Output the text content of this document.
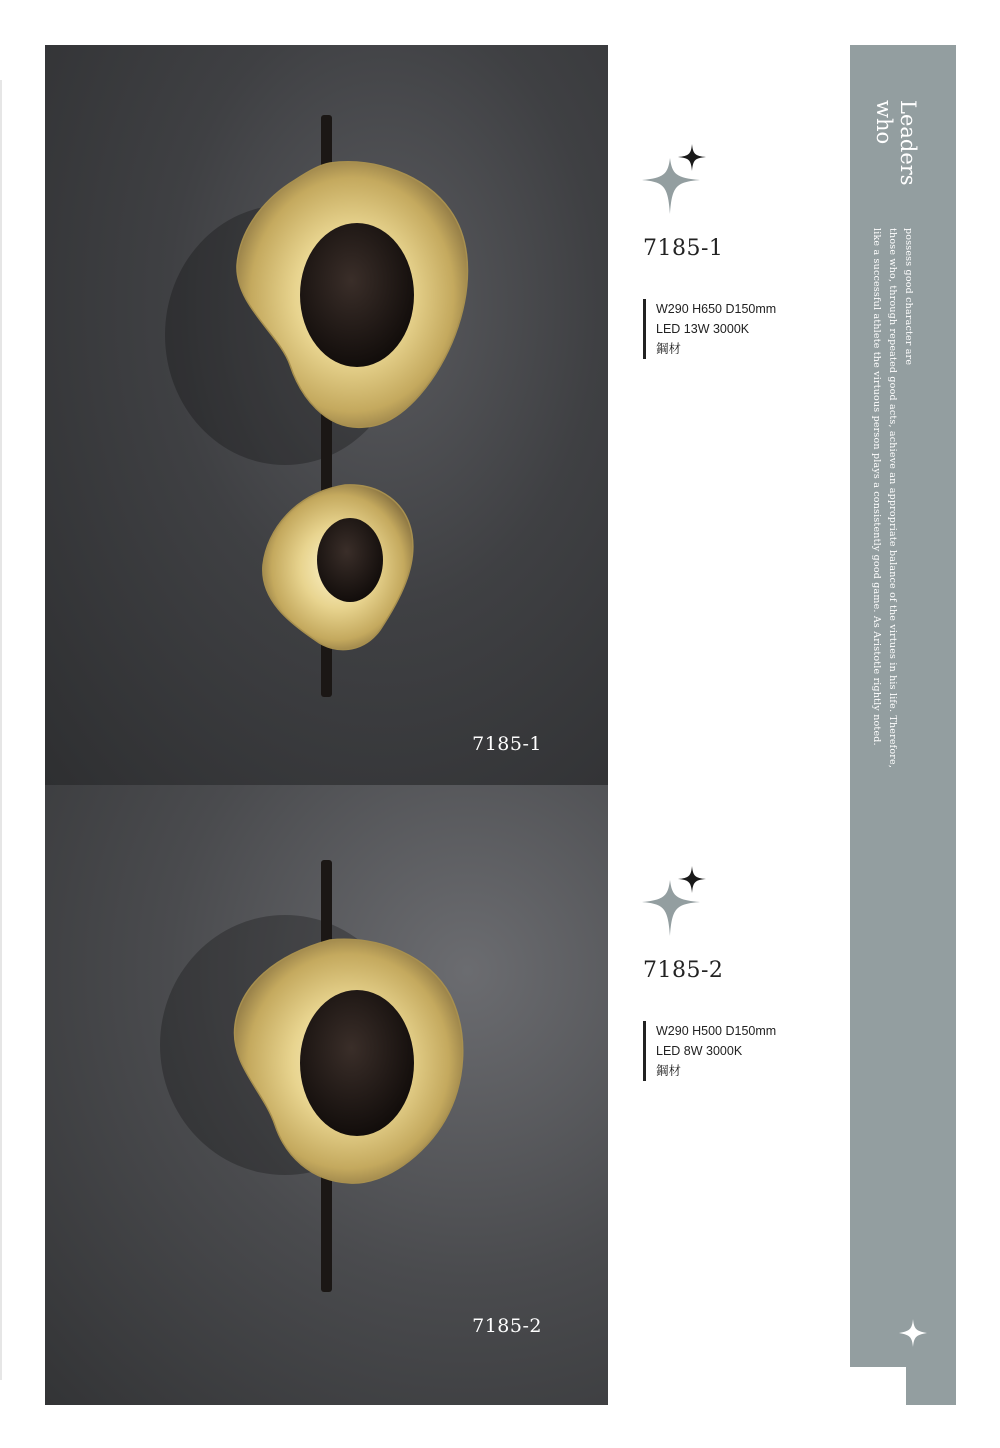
7185-1
7185-2
7185-1
W290 H650 D150mm
LED 13W 3000K
鋼材
7185-2
W290 H500 D150mm
LED 8W 3000K
鋼材
Leaders
who
possess good character are
those who, through repeated good acts, achieve an appropriate balance of the virtues in his life. Therefore,
like a successful athlete the virtuous person plays a consistently good game. As Aristotle rightly noted.
